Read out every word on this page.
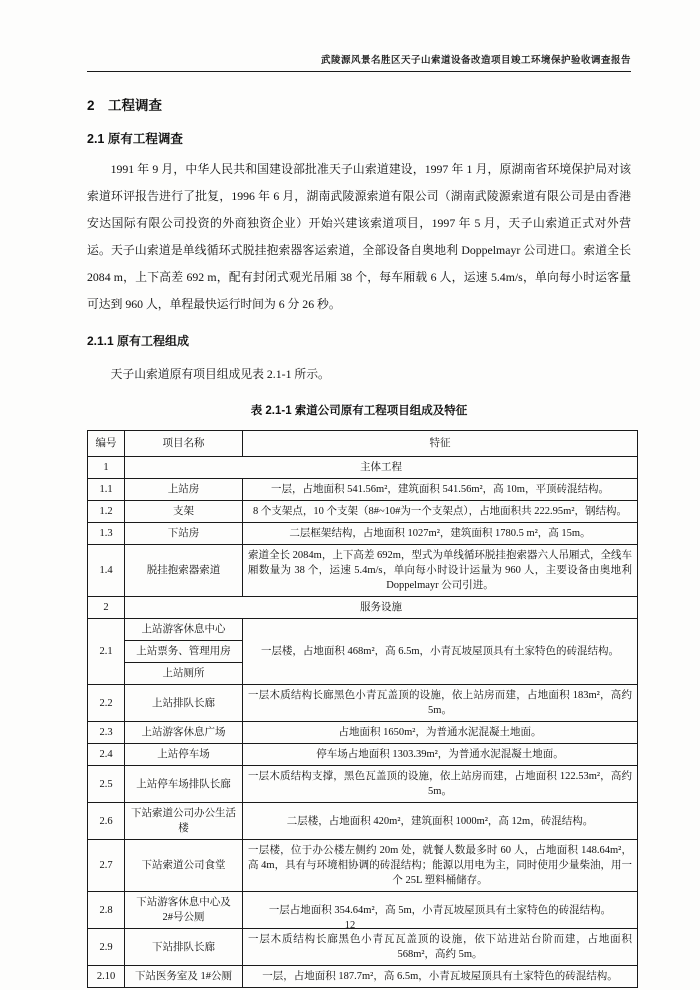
武陵源风景名胜区天子山索道设备改造项目竣工环境保护验收调查报告
2　工程调查
2.1 原有工程调查
1991 年 9 月，中华人民共和国建设部批准天子山索道建设，1997 年 1 月，原湖南省环境保护局对该索道环评报告进行了批复，1996 年 6 月，湖南武陵源索道有限公司（湖南武陵源索道有限公司是由香港安达国际有限公司投资的外商独资企业）开始兴建该索道项目，1997 年 5 月，天子山索道正式对外营运。天子山索道是单线循环式脱挂抱索器客运索道，全部设备自奥地利 Doppelmayr 公司进口。索道全长 2084 m，上下高差 692 m，配有封闭式观光吊厢 38 个，每车厢载 6 人，运速 5.4m/s，单向每小时运客量可达到 960 人，单程最快运行时间为 6 分 26 秒。
2.1.1 原有工程组成
天子山索道原有项目组成见表 2.1-1 所示。
表 2.1-1 索道公司原有工程项目组成及特征
编号	项目名称	特征
1	主体工程	
1.1	上站房	一层，占地面积 541.56m²，建筑面积 541.56m²，高 10m，平顶砖混结构。
1.2	支架	8 个支架点，10 个支架（8#~10#为一个支架点），占地面积共 222.95m²，钢结构。
1.3	下站房	二层框架结构，占地面积 1027m²，建筑面积 1780.5 m²，高 15m。
1.4	脱挂抱索器索道	索道全长 2084m，上下高差 692m，型式为单线循环脱挂抱索器六人吊厢式，全线车厢数量为 38 个，运速 5.4m/s，单向每小时设计运量为 960 人，主要设备由奥地利 Doppelmayr 公司引进。
2	服务设施	
2.1	上站游客休息中心	一层楼，占地面积 468m²，高 6.5m，小青瓦坡屋顶具有土家特色的砖混结构。
	上站票务、管理用房	
	上站厕所	
2.2	上站排队长廊	一层木质结构长廊黑色小青瓦盖顶的设施，依上站房而建，占地面积 183m²，高约 5m。
2.3	上站游客休息广场	占地面积 1650m²，为普通水泥混凝土地面。
2.4	上站停车场	停车场占地面积 1303.39m²，为普通水泥混凝土地面。
2.5	上站停车场排队长廊	一层木质结构支撑，黑色瓦盖顶的设施，依上站房而建，占地面积 122.53m²，高约 5m。
2.6	下站索道公司办公生活楼	二层楼，占地面积 420m²，建筑面积 1000m²，高 12m，砖混结构。
2.7	下站索道公司食堂	一层楼，位于办公楼左侧约 20m 处，就餐人数最多时 60 人，占地面积 148.64m²，高 4m，具有与环境相协调的砖混结构；能源以用电为主，同时使用少量柴油，用一个 25L 塑料桶储存。
2.8	下站游客休息中心及 2#号公厕	一层占地面积 354.64m²，高 5m，小青瓦坡屋顶具有土家特色的砖混结构。
2.9	下站排队长廊	一层木质结构长廊黑色小青瓦瓦盖顶的设施，依下站进站台阶而建，占地面积 568m²，高约 5m。
2.10	下站医务室及 1#公厕	一层，占地面积 187.7m²，高 6.5m，小青瓦坡屋顶具有土家特色的砖混结构。
12
